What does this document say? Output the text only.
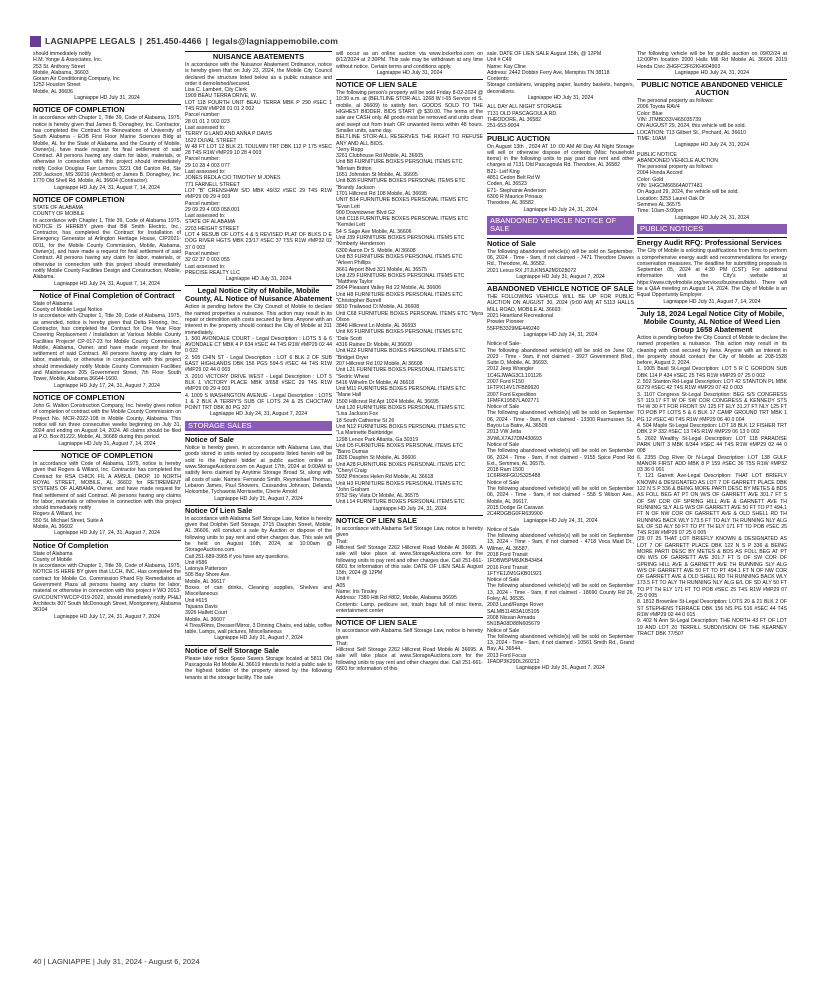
LAGNIAPPE LEGALS | 251.450-4466 | legals@lagniappemobile.com
should immediately notify
H.M. Yonge & Associates, Inc.
253 St. Anthony Street
Mobile, Alabama, 36603
Goram Air Conditioning Company, Inc
1252 Houston Street
Mobile, AL 36606
Lagniappe HD July 31, 2024
NOTICE OF COMPLETION
In accordance with Chapter 1, Title 39, Code of Alabama, 1975, notice is hereby given that James B. Donaghey, Inc. Contractor, has completed the Contract for Renovations of University of South Alabama - EOB First Floor Marine Sciences Bldg at Mobile, AL for the State of Alabama and the County of Mobile, Owner(s), have made request for final settlement of said Contract. All persons having any claim for labor, materials, or otherwise in connection with this project should immediately notify Cooke Douglas Farr Lemons 3221 Old Canton Rd, Ste 200 Jackson, MS 39216 (Architect) or James B. Donaghey, Inc. 1770 Old Shell Rd. Mobile, AL 36604 (Contractor).
Lagniappe HD July 24, 31, August 7, 14, 2024
NOTICE OF COMPLETION
STATE OF ALABAMA
COUNTY OF MOBILE
In accordance with Chapter 1, Title 39, Code of Alabama 1975, NOTICE IS HEREBY given that Bill Smith Electric, Inc., Contractor, has completed the Contract for Installation of Emergency Generator at Arlington Heritage House, CIP2021-0011, for the Mobile County Commission, Mobile, Alabama, Owner(s), and have made a request for final settlement of said Contract. All persons having any claim for labor, materials, or otherwise in connection with this project should immediately notify Mobile County Facilities Design and Construction, Mobile, Alabama.
Lagniappe HD July 24, 31, August 7, 14, 2024
Notice of Final Completion of Contract
State of Alabama
County of Mobile Legal Notice
In accordance with Chapter 1, Title 39, Code of Alabama, 1975, as amended, notice is hereby given that Delta Flooring, Inc., Contractor, has completed the Contract for One Year Floor Covering Replacement / Installation at Various Mobile County Facilities Project# CP-017-23 for Mobile County Commission, Mobile, Alabama, Owner, and have made request for final settlement of said Contract. All persons having any claim for labor, materials, or otherwise in conjunction with this project should immediately notify Mobile County Commission Facilities and Maintenance 205 Government Street, 7th Floor South Tower, Mobile, Alabama 36644-1600.
Lagniappe HD July 17, 24, 31, August 7, 2024
NOTICE OF COMPLETION
John G. Walton Construction Company, Inc. hereby gives notice of completion of contract with the Mobile County Commission on Project No. MCR-2022-108 in Mobile County, Alabama. This notice will run three consecutive weeks beginning on July 31, 2024 and ending on August 14, 2024. All claims should be filed at P.O. Box 81222, Mobile, AL 36689 during this period.
Lagniappe HD July 31, August 7, 14, 2024
NOTICE OF COMPLETION
In accordance with Code of Alabama, 1975, notice is hereby given that Rogers & Willard, Inc. Contractor has completed the Contract for RSA CHICK FIL A AMSUL DROP, 10 NORTH ROYAL STREET, MOBILE, AL 36602 for RETIREMENT SYSTEMS OF ALABAMA, Owner, and have made request for final settlement of said Contract. All persons having any claims for labor, materials or otherwise in connection with this project should immediately notify
Rogers & Willard, Inc
550 St. Michael Street, Suite A
Mobile, AL 36602
Lagniappe HD July 17, 24, 31, August 7, 2024
Notice Of Completion
State of Alabama
County of Mobile
In accordance with Chapter 1, Title 39, Code of Alabama, 1975, NOTICE IS HERE BY given that LLCH, INC. Has completed the contract for Mobile Co. Commission Phard Fly Remediation at Government Plaza all persons having any claims for labor, material or otherwise in connection with this project # WO 2013-GV/COUNTYWCCP-019-2022, should immediately notify PH&J Architects 807 South McDonough Street, Montgomery, Alabama 36104
Lagniappe HD July 17, 24, 31, August 7, 2024
NUISANCE ABATEMENTS
In accordance with the Nuisance Abatement Ordinance, notice is hereby given that on July 23, 2024, the Mobile City Council declared the structure listed below as a public nuisance and order it demolished/secured.
Lisa C. Lambert, City Clerk
1909 BEAU TERRA DRIVE, W.
LOT 118 FOURTH UNIT BEAU TERRA MBK P 290 #SEC 1 T4S R2W #MP28 01 01 2 002
Parcel number:
28 01 01 2 002 023
Last assessed to:
TERRY G LAND AND ANNA P DAVIS
1622 DUVAL STREET
W 48 FT LOT 12 BLK 21 TOULMIN TRT DBK 112 P 175 #SEC 28 T4S R1W #MP29 10 28 4 003
Parcel number:
29 10 28 4 003 077
Last assessed to:
JONES REDLA C/O TIMOTHY M JONES
771 FARNELL STREET
LOT "B" CRENSHAW S/D MBK 49/32 #SEC 29 T4S R1W #MP29 09 29 4 003
Parcel number:
29 09 29 4 003 058.001
Last assessed to:
STATE OF ALABAMA
2203 HEIGHT STREET
LOT 4 RESUB OF LOTS 4 & 5 REVISED PLAT OF BLKS D E DOG RIVER HGTS MBK 23/17 #SEC 37 T5S R1W #MP32 02 37 0 003
Parcel number:
32 02 37 0 003 055
Last assessed to:
PRECISE REALTY LLC
Lagniappe HD July 31, 2024
Legal Notice City of Mobile, Mobile County, AL Notice of Nuisance Abatement
Action is pending before the City Council of Mobile to declare the named properties a nuisance. This action may result in its repair or demolition with costs secured by liens. Anyone with an interest in the property should contact the City of Mobile at 311 immediately.
1. 500 AVONDALE COURT - Legal Description : LOTS 5 & 6 AVONDALE CT MBK 4 P 634 #SEC 44 T4S R1W #MP29 02 44 0 022
2. 505 CHIN ST - Legal Description : LOT 6 BLK 2 OF SUB EAST HIGHLANDS DBK 156 PGS 594-5 #SEC 44 T4S R1W #MP29 02 44 0 003
3. 2010 VICTORY DRIVE WEST - Legal Description : LOT 5 BLK 1 VICTORY PLACE MBK 3/658 #SEC 29 T4S R1W #MP29 09 29 4 003
4. 1009 S WASHINGTON AVENUE - Legal Description : LOTS 1 & 2 BLK A TERRY'S SUB OF LOTS 24 & 25 CHOCTAW POINT TRT DBK 80 PG 327
Lagniappe HD July 24, 31, August 7, 2024
STORAGE SALES
Notice of Sale
Notice is hereby given, in accordance with Alabama Law, that goods stored in units rented by occupants listed herein will be sold to the highest bidder at public auction online at www.StorageAuctions.com on August 17th, 2024 at 9:00AM to satisfy liens claimed by Anytime Storage Broad St, along with all costs of sale. Names: Fernando Smith, Reymichael Thomas, Lebaron James, Paul Showers, Cassandra Johnson, Delanda Holcombe, Tychawnia Morrissette, Cherie Arnold
Lagniappe HD July 31, August 7, 2024
Notice Of Lien Sale
In accordance with Alabama Self Storage Law, Notice is hereby given that Dolphin Self Storage, 2715 Dauphin Street, Mobile, AL 36606, will conduct a sale by Auction or dispose of the following units to pay rent and other charges due. This sale will be held on August 16th, 2024, at 10:00am @ StorageAuctions.com.
Call 251-689-3965 if you have any questions.
Unit #586
Latonya Patterson
505 Bay Shore Ave.
Mobile, AL 36617
Boxes of can drinks, Cleaning supplies, Shelves and Miscellaneous
Unit #615
Tajuana Davis
3926 Halfett Court
Mobile, AL 36607
4 Tires/Rims, Dresser/Mirror, 3 Dinning Chairs, end table, coffee table, Lamps, wall pictures, Miscellaneous
Lagniappe HD July 31, August 7, 2024
Notice of Self Storage Sale
Please take notice Space Savers Storage located at 5811 Old Pascagoula Rd Mobile AL 36619 intends to hold a public sale to the highest bidder of the property stored by the following tenants at the storage facility. The sale
will occur as an online auction via www.lockerfox.com on 8/12/2024 at 2:30PM. This sale may be withdrawn at any time without notice. Certain terms and conditions apply.
Lagniappe HD July 31, 2024
NOTICE OF LIEN SALE
The following person's property will be sold Friday 8-02-2024 @ 10:30 a.m. at (BELTLINE STOR-ALL 1268 W I-65 Service rd S. mobile, al 36609) to satisfy lien. GOODS SOLD TO THE HIGHEST BIDDER. BIDS START @ $30.00. The terms of the sale are CASH only. All goods must be removed and units clean and swept out from trash OR unwanted items within 48 hours. Smaller units, same day.
BELTLINE STOR-ALL RESERVES THE RIGHT TO REFUSE ANY AND ALL BIDS.
"Jerry Ropp
3261 Clubhouse Rd Mobile, AL 36605
Unit B8 FURNITURE BOXES PERSONAL ITEMS ETC
"Mirriam Britton
1651 Johnston St Mobile, AL 36605
Unit B28 FURNITURE BOXES PERSONAL ITEMS ETC
"Brandy Jackson
1701 Hillcrest Rd 108 Mobile, AL 36695
UNIT B14 FURNITURE BOXES PERSONAL ITEMS ETC
"Evan Lett
900 Downtowner Blvd G2
Unit C118 FURNITURE BOXES PERSONAL ITEMS ETC
"Kemilei Lett
54 S Sage Ave Mobile, AL 36606
Unit J39 FURNITURE BOXES PERSONAL ITEMS ETC
"Kimberly Henderson
6300 Aaron Dr S. Mobile, Al 36608
Unit B3 FURNITURE BOXES PERSONAL ITEMS ETC
"Arleen Phillips
3661 Airport Blvd 321 Mobile, AL 36575
Unit J29 FURNITURE BOXES PERSONAL ITEMS ETC
"Matthew Taylor
2904 Pleasant Valley Rd 22 Mobile, AL 36606
Unit H8 FURNITURE BOXES PERSONAL ITEMS ETC
"Christopher Burrell
9810 Trailwood Ct Mobile, AL 36608
Unit C68 FURNITURE BOXES PERSONAL ITEMS ETC "Myra Olson
3846 Hillcrest Ln Mobile, AL 36693
Unit K6 FURNITURE BOXES PERSONAL ITEMS ETC
"Dale Scott
4316 Raines Dr Mobile, Al 36609
Unit H22 FURNITURE BOXES PERSONAL ITEMS ETC
"Bridget Dryer
207 Hillcrest Rd 102 Mobile, Al 36608
Unit L21 FURNITURE BOXES PERSONAL ITEMS ETC
"Sedric Wheat
5416 Wilhelm Dr Mobile, Al 36618
Unit M11 FURNITURE BOXES PERSONAL ITEMS ETC
"Mane Hall
1500 Hillcrest Rd Apt 1024 Mobile, AL 36695
Unit L20 FURNITURE BOXES PERSONAL ITEMS ETC
"Lisa Jackson Fox
18 South Catherine St 26
Unit N12 FURNITURE BOXES PERSONAL ITEMS ETC
"La Marinette Bainbridge
1298 Lenox Park Atlanta, Ga 30319
Unit O5 FURNITURE BOXES PERSONAL ITEMS ETC
"Barro Dumas
1826 Dauphin St Mobile, AL 36606
Unit A28 FURNITURE BOXES PERSONAL ITEMS ETC
"Cheryl Craig
5932 Princess Helen Rd Mobile, AL 36618
Unit H3 FURNITURE BOXES PERSONAL ITEMS ETC
"John Graham
9752 Sky Vista Dr Mobile, AL 36575
Unit L14 FURNITURE BOXES PERSONAL ITEMS ETC
Lagniappe HD July 24, 31, 2024
NOTICE OF LIEN SALE
In accordance with Alabama Self Storage Law, notice is hereby given
That:
Hillcrest Self Storage 2262 Hillcrest Road Mobile Al 36695. A sale will take place at www.StorageAuctions.com for the following units to pay rent and other charges due. Call 251-661-6801 for information of this sale. DATE OF LIEN SALE August 15th, 2024 @ 12PM
Unit #
A05
Name: Iris Tinsley
Address: 7380 Hitt Rd #802, Mobile, Alabama 36695
Contents: Lamp, pedicure set, trash bags full of misc items, entertainment center
NOTICE OF LIEN SALE
In accordance with Alabama Self Storage Law, notice is hereby given
That:
Hillcrest Self Storage 2262 Hillcrest Road Mobile Al 36695. A sale will take place at www.StorageAuctions.com for the following units to pay rent and other charges due. Call 251-661-6801 for information of this
sale. DATE OF LIEN SALE August 15th, @ 12PM
Unit # C49
Name: Kay Cline
Address: 2442 Dobbin Ferry Ave, Memphis TN 38118
Contents:
Storage containers, wrapping paper, laundry baskets, hangers, decorations.
Lagniappe HD July 31, 2024
ALL DAY ALL NIGHT STORAGE
7131 OLD PASCAGOULA RD.
THEODORE, AL 36582
251-653-9004
PUBLIC AUCTION
On August 13th , 2024 AT 10 :00 AM All Day All Night Storage will sell or otherwise dispose of contents (Misc household items) in the following units to pay past due rent and other charges at 7131 Old Pascagoula Rd. Theodore, AL 36582
B21- Leif King
4851 Cedon Belt Rd W
Coden, AL 36523
E71- Stephanie Anderson
6300 R Maurice Prinaux
Theodore, AL 36582
Lagniappe HD July 24, 31, 2024
ABANDONED VEHICLE NOTICE OF SALE
Notice of Sale
The following abandoned vehicle(s) will be sold on September. 06, 2024 - Time - 9am, if not claimed - 7471 Theodore Dawes Rd., Theodore, AL 36582.
2021 Lexus RX JTJLKN5A2M2028072
Lagniappe HD July 31, August 7, 2024
ABANDONED VEHICLE NOTICE OF SALE
THE FOLLOWING VEHICLE WILL BE UP FOR PUBLIC AUCTION ON AUGUST 30, 2024 (9:00 AM) AT 5113 HALLS MILL ROAD, MOBILE AL 36693:
2021 Heartland Recreational
Prowler Pioneer
55FPB3329ME449240
Lagniappe HD July 24, 31, 2024
Notice of Sale-
The following abandoned vehicle(s) will be sold on June 02, 2023 - Time - 9am, if not claimed - 3927 Government Blvd., Suite D, Mobile, AL 36693.
2012 Jeep Wrangler
1C4GJWAG3CL101126
2007 Ford F150
1FTPX14V17FB89920
2007 Ford Expedition
1FMFK19587LA02771
Notice of Sale
The following abandoned vehicle(s) will be sold on September 06, 2024 - Time - 9am, if not claimed - 13300 Rasmussen St., Bayou La Batre, AL 36509.
2013 VW Jetta
3VWLX7AJ7DM430693
Notice of Sale
The following abandoned vehicle(s) will be sold on September 06, 2024 - Time - 9am, if not claimed - 9155 Spice Pond Rd Ext., Semmes, AL 36575.
2018 Ram 1500
1C6RR6FG0JS325488
Notice of Sale
The following abandoned vehicle(s) will be sold on September 06, 2024 - Time - 9am, if not claimed - 558 S Wilson Ave., Mobile, AL 36617.
2015 Dodge Gr Caravan
2C4RDGBG0FR639900
Lagniappe HD July 24, 31, 2024
Notice of Sale
The following abandoned vehicle(s) will be sold on September 13, 2024 - Time - 9am, if not claimed - 4718 Voca Maid Dr., Wilmer, AL 36587.
2018 Ford Transit
1FDBW5PM8JKB43454
2016 Ford Transit
1FTYE1ZM1GKB01921
Notice of Sale
The following abandoned vehicle(s) will be sold on September 13, 2024 - Time - 9am, if not claimed - 18690 County Rd 26, Foley, AL 36535.
2003 Land/Range Rover
SALMB11483A105105
2008 Nissan Armada
5N1BA08D88N605679
Notice of Sale
The following abandoned vehicle(s) will be sold on September 13, 2024 - Time - 9am, if not claimed - 10561 Smith Rd., Grand Bay, AL 36544.
2013 Ford Focus
1FADP3K29DL260212
Lagniappe HD July 31, August 7, 2024
The following vehicle will be for public auction on 09/02/24 at 12:00Pm location 2000 Halls Mill Rd Mobile AL 36606 2019 Honda Civic 2HGFC2F62KH604903
Lagniappe HD July 24, 31, 2024
PUBLIC NOTICE ABANDONED VEHICLE AUCTION
The personal property as follows:
2006 Toyota RAV4
Color: Blue
VIN: JTMBD33V465035739
ON AUGUST 29, 2024, this vehicle will be sold.
LOCATION: 713 Gilbert St., Prichard, AL 36610
TIME: 10AM
Lagniappe HD July 24, 31, 2024
PUBLIC NOTICE
ABANDONED VEHICLE AUCTION
The personal property as follows:
2004 Honda Accord
Color: Gold
VIN: 1HGCM66564A077481
On August 29, 2024, the vehicle will be sold.
Location: 3253 Laurel Oak Dr
Semmes AL 36575
Time: 10am-3:00pm
Lagniappe HD July 24, 31, 2024
PUBLIC NOTICES
Energy Audit RFQ: Professional Services
The City of Mobile is soliciting qualifications from firms to perform a comprehensive energy audit and recommendations for energy conservation measures. The deadline for submitting proposals is September 05, 2024 at 4:30 PM (CST). For additional information visit the City's website at https://www.cityofmobile.org/services/business/bids/. There will be a Q&A meeting on August 14, 2024. The City of Mobile is an Equal Opportunity Employer.
Lagniappe HD July 31, August 7, 14, 2024
July 18, 2024 Legal Notice City of Mobile, Mobile County, AL Notice of Weed Lien Group 1658 Abatement
Action is pending before the City Council of Mobile to declare the named properties a nuisance. This action may result in its cleaning with cost secured by liens. Anyone with an interest in the property should contact the City of Mobile at 208-1528 before, August 2, 2024.
1. 1005 Basil St-Legal Description: LOT 5 R C GORDON SUB DBK 114 P 434 #SEC 25 T4S R1W #MP29 07 25 0 002
2. 502 Stanton Rd-Legal Description: LOT 42 STANTON PL MBK 6/279 #SEC 42 T4S R1W #MP29 07 42 0 003
3. 1107 Congress St-Legal Description: BEG S/S CONGRESS ST 119.17 FT W OF SW COR CONGRESS & KENNEDY STS TH W 30 FT FOR FRONT SV 125 FT ELY 31.27 FT NLY 125 FT TO POB PT LOTS 5 & 6 BLK 17 CAMP GROUND TRT MBK 1 PG 12 #SEC 40 T4S R1W #MP29 06 40 0 004
4. 504 Maple St-Legal Description: LOT 18 BLK 12 FISHER TRT DBK 2 P 332 #SEC 13 T4S R1W #MP29 06 13 0 002
5. 2602 Wealthy St-Legal Description: LOT 118 PARADISE PARK UNIT 3 MBK 6/344 #SEC 44 T4S R1W #MP29 02 44 0 008
6. 2355 Dog River Dr N-Legal Description: LOT 138 GULF MANOR FIRST ADD MBK 8 P 159 #SEC 36 T5S R1W #MP32 03 36 0 001
7. 121 Garrett Ave-Legal Description: THAT LOT BRIEFLY KNOWN & DESIGNATED AS LOT 7 OF GARRETT PLACE DBK 122 N S P 336 & BEING MORE PARTI DESC BY METES & BDS AS FOLL BEG AT PT ON W/S OF GARRETT AVE 301.7 FT S OF SW COR OF SPRING HILL AVE & GARNETT AVE TH RUNNING SLY ALG W/S OF GARRETT AVE 50 FT TO PT 494.1 FT N OF NW COR OF GARRETT AVE & OLD SHELL RD TH RUNNING BACK WLY 173.5 FT TO ALY TH RUNNING NLY ALG E/L OF SD ALY 50 FT TO PT TH ELY 171 FT TO POB #SEC 25 T4S R1W #MP29 07 25 0 005
(29 07 25 THAT LOT BRIEFLY KNOWN & DESIGNATED AS LOT 7 OF GARRETT PLACE DBK 122 N S P 336 & BEING MORE PARTI DESC BY METES & BDS AS FOLL BEG AT PT ON W/S OF GARRETT AVE 301.7 FT S OF SW COR OF SPRING HILL AVE & GARNETT AVE TH RUNNING SLY ALG W/S OF GARRETT AVE 50 FT TO PT 494.1 FT N OF NW COR OF GARRETT AVE & OLD SHELL RD TH RUNNING BACK WLY 173.5 FT TO ALY TH RUNNING NLY ALG E/L OF SD ALY 50 FT TO PT TH ELY 171 FT TO POB #SEC 25 T4S R1W #MP29 07 25 0 005
8. 1812 Brownlee St-Legal Description: LOTS 20 & 21 BLK 2 OF ST STEPHENS TERRACE DBK 156 NS PG 516 #SEC 44 T4S R1W #MP29 02 44 0 015
9. 402 N Ann St-Legal Description: THE NORTH 43 FT OF LOT 19 AND LOT 20 TERRILL SUBDIVISION OF THE KEARNEY TRACT DBK 77/507
40 | LAGNIAPPE | July 31, 2024 - August 6, 2024
